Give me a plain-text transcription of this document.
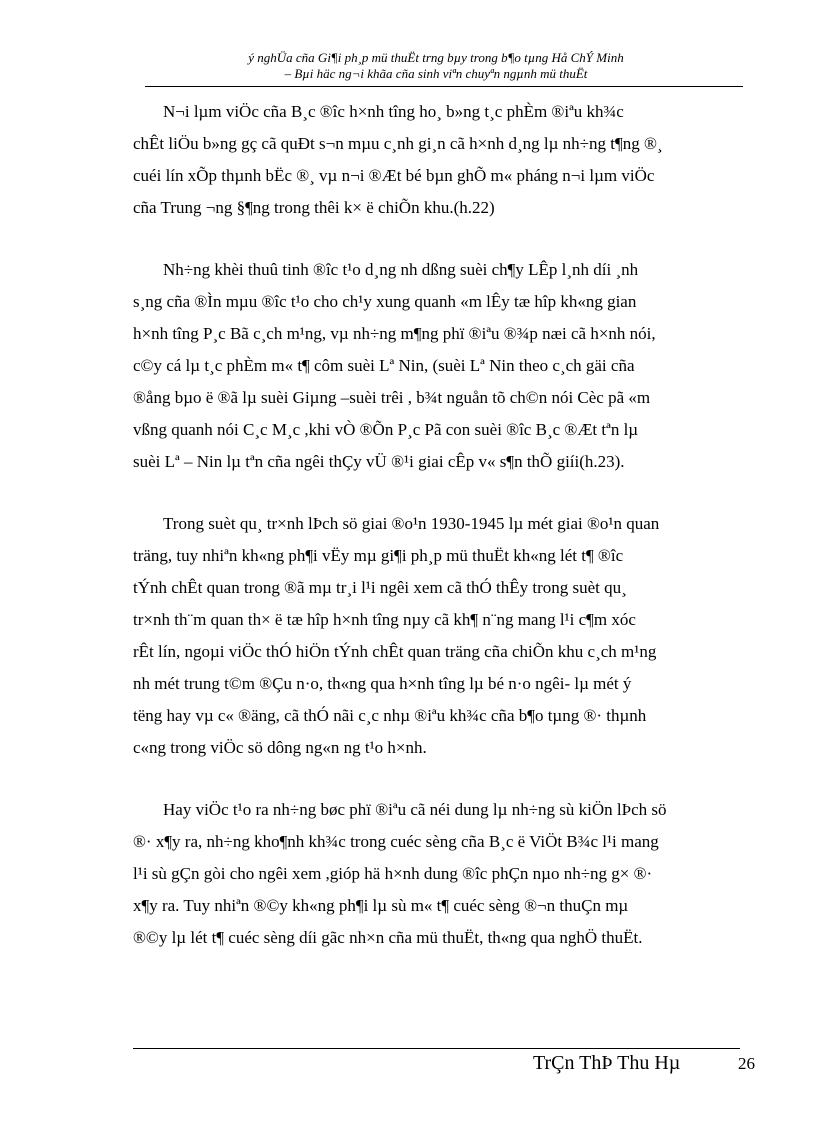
ý nghÜa cña Gi¶i ph¸p mü thuËt trng bµy trong b¶o tµng Hå ChÝ Minh
– Bµi häc ng¬i khãa cña sinh viªn chuyªn ngµnh mü thuËt
N¬i lµm viÖc cña B¸c ®îc h×nh tîng ho¸ b»ng t¸c phÈm ®iªu kh¾c
chÊt liÖu b»ng gç cã quÐt s¬n mµu c¸nh gi¸n cã h×nh d¸ng lµ nh÷ng t¶ng ®¸
cuéi lín xÕp thµnh bËc ®¸ vµ n¬i ®Æt bé bµn ghÕ m« pháng n¬i lµm viÖc
cña Trung ¬ng §¶ng trong thêi k× ë chiÕn khu.(h.22)
Nh÷ng khèi thuû tinh ®îc t¹o d¸ng nh dßng suèi ch¶y LÊp l¸nh díi ¸nh
s¸ng cña ®Ìn mµu ®îc t¹o cho ch¹y xung quanh «m lÊy tæ hîp kh«ng gian
h×nh tîng P¸c Bã c¸ch m¹ng, vµ nh÷ng m¶ng phï ®iªu ®¾p næi cã h×nh nói,
c©y cá lµ t¸c phÈm m« t¶ côm suèi Lª Nin, (suèi Lª Nin theo c¸ch gäi cña
®ång bµo ë ®ã lµ suèi Giµng –suèi trêi , b¾t nguån tõ ch©n nói Cèc pã «m
vßng quanh nói C¸c M¸c ,khi vÒ ®Õn P¸c Pã con suèi ®îc B¸c ®Æt tªn lµ
suèi Lª – Nin lµ tªn cña ngêi thÇy vÜ ®¹i giai cÊp v« s¶n thÕ giíi(h.23).
Trong suèt qu¸ tr×nh lÞch sö giai ®o¹n 1930-1945 lµ mét giai ®o¹n quan
träng, tuy nhiªn kh«ng ph¶i vËy mµ gi¶i ph¸p mü thuËt kh«ng lét t¶ ®îc
tÝnh chÊt quan trong ®ã mµ tr¸i l¹i ngêi xem cã thÓ thÊy trong suèt qu¸
tr×nh th¨m quan th× ë tæ hîp h×nh tîng nµy cã kh¶ n¨ng mang l¹i c¶m xóc
rÊt lín, ngoµi viÖc thÓ hiÖn tÝnh chÊt quan träng cña chiÕn khu c¸ch m¹ng
nh mét trung t©m ®Çu n·o, th«ng qua h×nh tîng lµ bé n·o ngêi- lµ mét ý
tëng hay vµ c« ®äng, cã thÓ nãi c¸c nhµ ®iªu kh¾c cña b¶o tµng ®· thµnh
c«ng trong viÖc sö dông ng«n ng t¹o h×nh.
Hay viÖc t¹o ra nh÷ng bøc phï ®iªu cã néi dung lµ nh÷ng sù kiÖn lÞch sö
®· x¶y ra, nh÷ng kho¶nh kh¾c trong cuéc sèng cña B¸c ë ViÖt B¾c l¹i mang
l¹i sù gÇn gòi cho ngêi xem ,gióp hä h×nh dung ®îc phÇn nµo nh÷ng g× ®·
x¶y ra. Tuy nhiªn ®©y kh«ng ph¶i lµ sù m« t¶ cuéc sèng ®¬n thuÇn mµ
®©y lµ lét t¶ cuéc sèng díi gãc nh×n cña mü thuËt, th«ng qua nghÖ thuËt.
TrÇn ThÞ Thu Hµ	26
